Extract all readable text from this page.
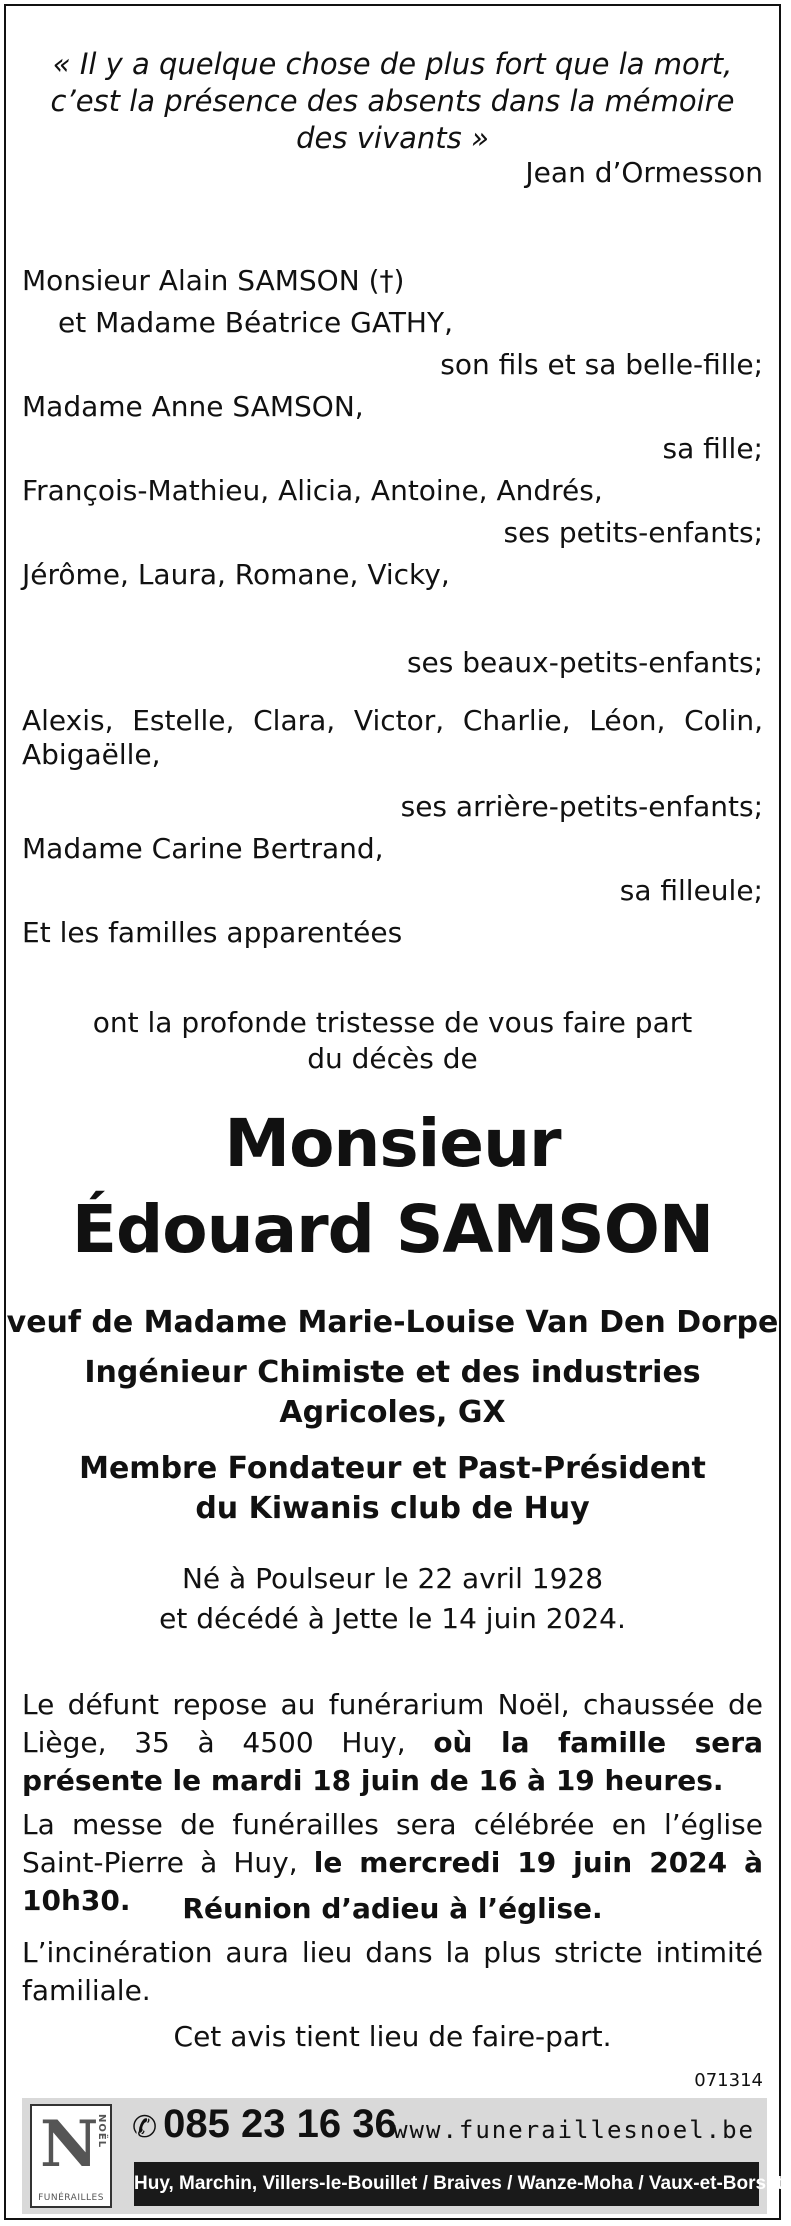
« Il y a quelque chose de plus fort que la mort, c’est la présence des absents dans la mémoire des vivants »
Jean d’Ormesson
Monsieur Alain SAMSON (†)
et Madame Béatrice GATHY,
son fils et sa belle-fille;
Madame Anne SAMSON,
sa fille;
François-Mathieu, Alicia, Antoine, Andrés,
ses petits-enfants;
Jérôme, Laura, Romane, Vicky,
ses beaux-petits-enfants;
Alexis, Estelle, Clara, Victor, Charlie, Léon, Colin, Abigaëlle,
ses arrière-petits-enfants;
Madame Carine Bertrand,
sa filleule;
Et les familles apparentées
ont la profonde tristesse de vous faire part
du décès de
Monsieur
Édouard SAMSON
veuf de Madame Marie-Louise Van Den Dorpe
Ingénieur Chimiste et des industries
Agricoles, GX
Membre Fondateur et Past-Président
du Kiwanis club de Huy
Né à Poulseur le 22 avril 1928
et décédé à Jette le 14 juin 2024.
Le défunt repose au funérarium Noël, chaussée de Liège, 35 à 4500 Huy, où la famille sera présente le mardi 18 juin de 16 à 19 heures.
La messe de funérailles sera célébrée en l’église Saint-Pierre à Huy, le mercredi 19 juin 2024 à 10h30.	Réunion d’adieu à l’église.
L’incinération aura lieu dans la plus stricte intimité familiale.
Cet avis tient lieu de faire-part.
071314
N
NOËL
FUNÉRAILLES
✆ 085 23 16 36
www.funeraillesnoel.be
Huy, Marchin, Villers-le-Bouillet / Braives / Wanze-Moha / Vaux-et-Borset
